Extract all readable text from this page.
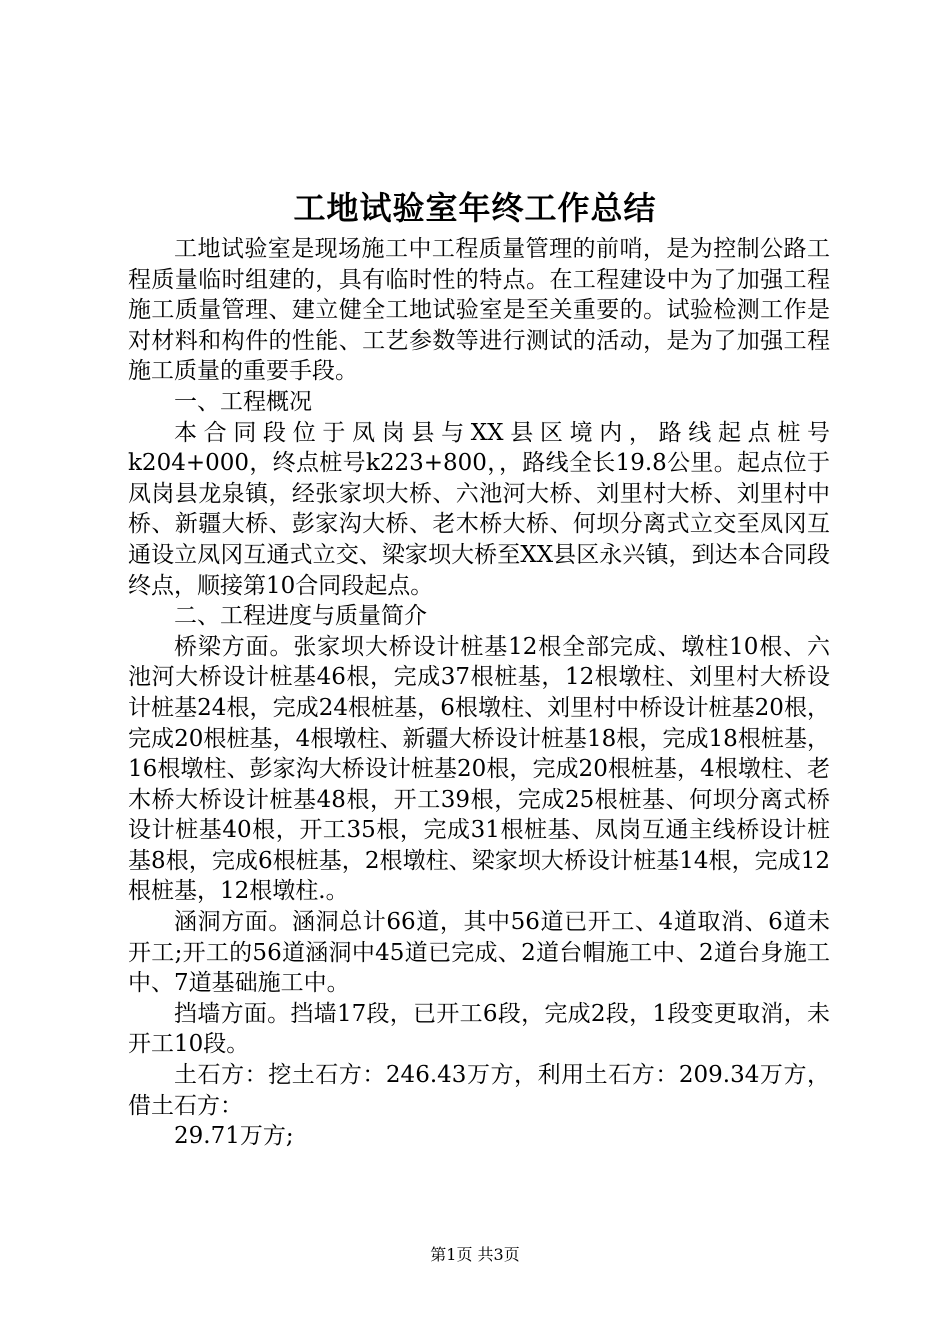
工地试验室年终工作总结

工地试验室是现场施工中工程质量管理的前哨，是为控制公路工程质量临时组建的，具有临时性的特点。在工程建设中为了加强工程施工质量管理、建立健全工地试验室是至关重要的。试验检测工作是对材料和构件的性能、工艺参数等进行测试的活动，是为了加强工程施工质量的重要手段。

一、工程概况

本合同段位于凤岗县与XX县区境内，路线起点桩号k204+000，终点桩号k223+800，，路线全长19.8公里。起点位于凤岗县龙泉镇，经张家坝大桥、六池河大桥、刘里村大桥、刘里村中桥、新疆大桥、彭家沟大桥、老木桥大桥、何坝分离式立交至凤冈互通设立凤冈互通式立交、梁家坝大桥至XX县区永兴镇，到达本合同段终点，顺接第10合同段起点。

二、工程进度与质量简介

桥梁方面。张家坝大桥设计桩基12根全部完成、墩柱10根、六池河大桥设计桩基46根，完成37根桩基，12根墩柱、刘里村大桥设计桩基24根，完成24根桩基，6根墩柱、刘里村中桥设计桩基20根，完成20根桩基，4根墩柱、新疆大桥设计桩基18根，完成18根桩基，16根墩柱、彭家沟大桥设计桩基20根，完成20根桩基，4根墩柱、老木桥大桥设计桩基48根，开工39根，完成25根桩基、何坝分离式桥设计桩基40根，开工35根，完成31根桩基、凤岗互通主线桥设计桩基8根，完成6根桩基，2根墩柱、梁家坝大桥设计桩基14根，完成12根桩基，12根墩柱.。

涵洞方面。涵洞总计66道，其中56道已开工、4道取消、6道未开工;开工的56道涵洞中45道已完成、2道台帽施工中、2道台身施工中、7道基础施工中。

挡墙方面。挡墙17段，已开工6段，完成2段，1段变更取消，未开工10段。

土石方：挖土石方：246.43万方，利用土石方：209.34万方，借土石方：

29.71万方;

第1页 共3页
